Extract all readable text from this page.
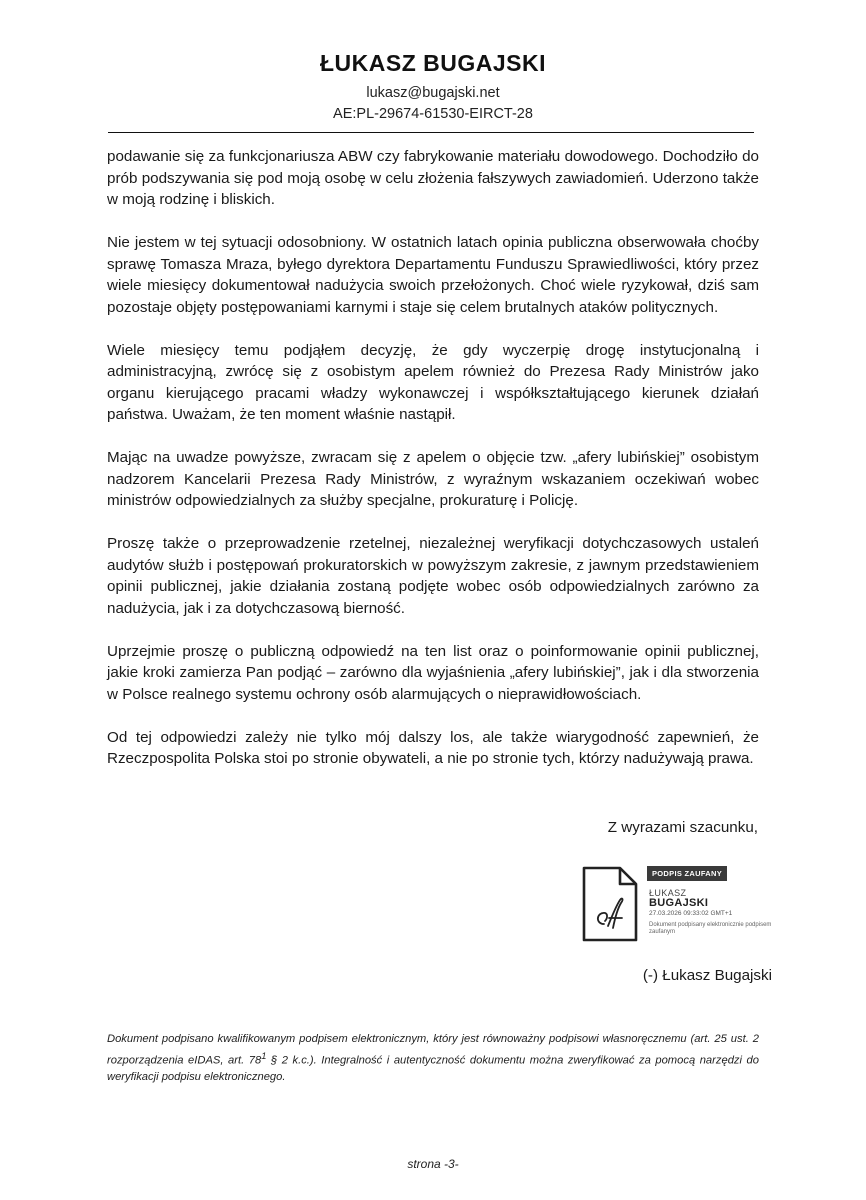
ŁUKASZ BUGAJSKI
lukasz@bugajski.net
AE:PL-29674-61530-EIRCT-28

podawanie się za funkcjonariusza ABW czy fabrykowanie materiału dowodowego. Dochodziło do prób podszywania się pod moją osobę w celu złożenia fałszywych zawiadomień. Uderzono także w moją rodzinę i bliskich.

Nie jestem w tej sytuacji odosobniony. W ostatnich latach opinia publiczna obserwowała choćby sprawę Tomasza Mraza, byłego dyrektora Departamentu Funduszu Sprawiedliwości, który przez wiele miesięcy dokumentował nadużycia swoich przełożonych. Choć wiele ryzykował, dziś sam pozostaje objęty postępowaniami karnymi i staje się celem brutalnych ataków politycznych.

Wiele miesięcy temu podjąłem decyzję, że gdy wyczerpię drogę instytucjonalną i administracyjną, zwrócę się z osobistym apelem również do Prezesa Rady Ministrów jako organu kierującego pracami władzy wykonawczej i współkształtującego kierunek działań państwa. Uważam, że ten moment właśnie nastąpił.

Mając na uwadze powyższe, zwracam się z apelem o objęcie tzw. „afery lubińskiej” osobistym nadzorem Kancelarii Prezesa Rady Ministrów, z wyraźnym wskazaniem oczekiwań wobec ministrów odpowiedzialnych za służby specjalne, prokuraturę i Policję.

Proszę także o przeprowadzenie rzetelnej, niezależnej weryfikacji dotychczasowych ustaleń audytów służb i postępowań prokuratorskich w powyższym zakresie, z jawnym przedstawieniem opinii publicznej, jakie działania zostaną podjęte wobec osób odpowiedzialnych zarówno za nadużycia, jak i za dotychczasową bierność.

Uprzejmie proszę o publiczną odpowiedź na ten list oraz o poinformowanie opinii publicznej, jakie kroki zamierza Pan podjąć – zarówno dla wyjaśnienia „afery lubińskiej”, jak i dla stworzenia w Polsce realnego systemu ochrony osób alarmujących o nieprawidłowościach.

Od tej odpowiedzi zależy nie tylko mój dalszy los, ale także wiarygodność zapewnień, że Rzeczpospolita Polska stoi po stronie obywateli, a nie po stronie tych, którzy nadużywają prawa.

Z wyrazami szacunku,
PODPIS ZAUFANY
ŁUKASZ
BUGAJSKI
27.03.2026 09:33:02 GMT+1
Dokument podpisany elektronicznie podpisem zaufanym
(-) Łukasz Bugajski
Dokument podpisano kwalifikowanym podpisem elektronicznym, który jest równoważny podpisowi własnoręcznemu (art. 25 ust. 2 rozporządzenia eIDAS, art. $78^1$ § 2 k.c.). Integralność i autentyczność dokumentu można zweryfikować za pomocą narzędzi do weryfikacji podpisu elektronicznego.
strona -3-
